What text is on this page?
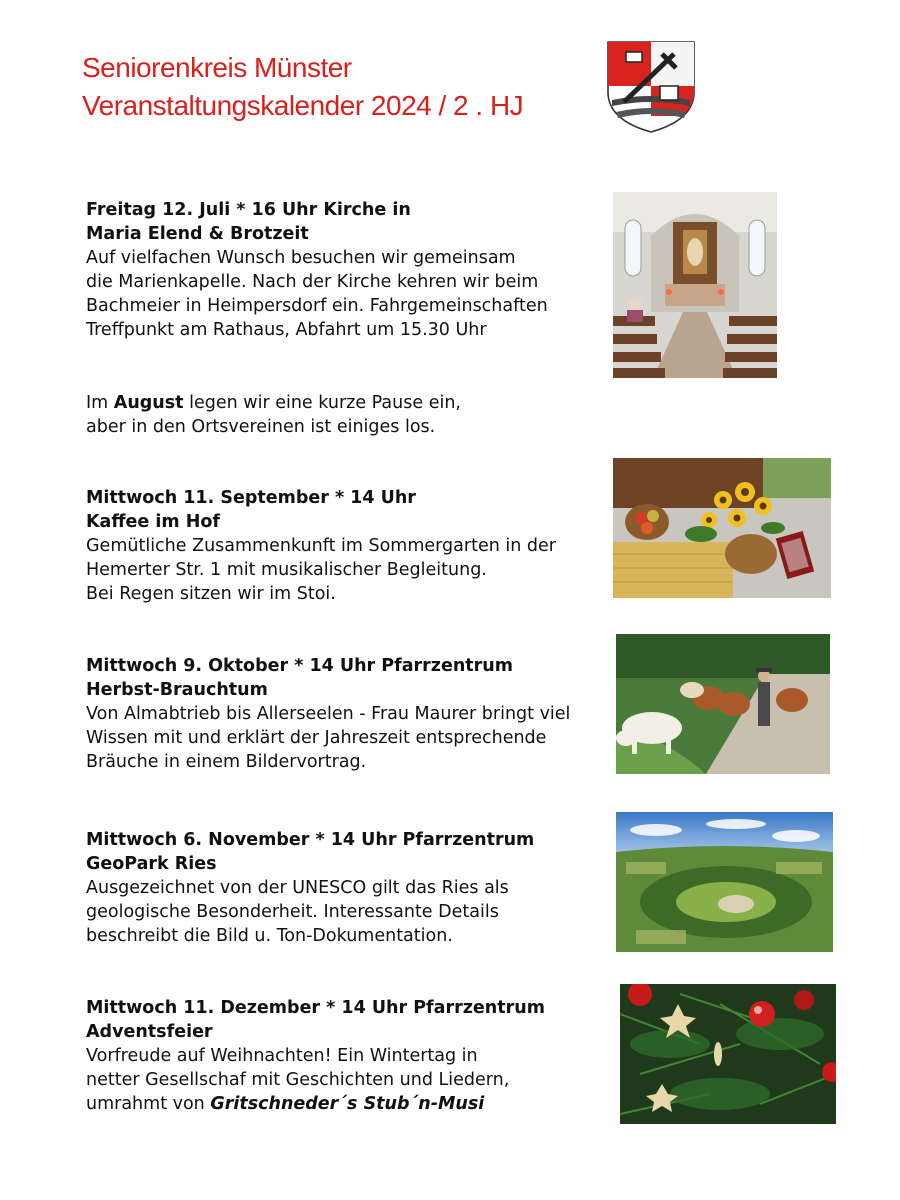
Seniorenkreis Münster
Veranstaltungskalender 2024 / 2 . HJ
Freitag 12. Juli * 16 Uhr Kirche in
Maria Elend & Brotzeit
Auf vielfachen Wunsch besuchen wir gemeinsam
die Marienkapelle. Nach der Kirche kehren wir beim
Bachmeier in Heimpersdorf ein. Fahrgemeinschaften
Treffpunkt am Rathaus, Abfahrt um 15.30 Uhr
Im August legen wir eine kurze Pause ein,
aber in den Ortsvereinen ist einiges los.
Mittwoch 11. September * 14 Uhr
Kaffee im Hof
Gemütliche Zusammenkunft im Sommergarten in der
Hemerter Str. 1 mit musikalischer Begleitung.
Bei Regen sitzen wir im Stoi.
Mittwoch 9. Oktober * 14 Uhr Pfarrzentrum
Herbst-Brauchtum
Von Almabtrieb bis Allerseelen - Frau Maurer bringt viel
Wissen mit und erklärt der Jahreszeit entsprechende
Bräuche in einem Bildervortrag.
Mittwoch 6. November * 14 Uhr Pfarrzentrum
GeoPark Ries
Ausgezeichnet von der UNESCO gilt das Ries als
geologische Besonderheit. Interessante Details
beschreibt die Bild u. Ton-Dokumentation.
Mittwoch 11. Dezember * 14 Uhr Pfarrzentrum
Adventsfeier
Vorfreude auf Weihnachten! Ein Wintertag in
netter Gesellschaf mit Geschichten und Liedern,
umrahmt von Gritschneder´s Stub´n-Musi
